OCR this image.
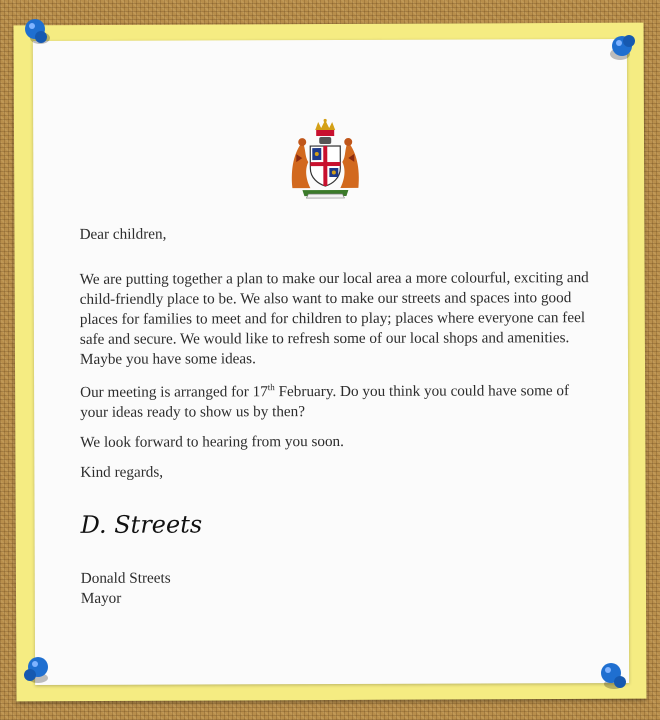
Dear children,

We are putting together a plan to make our local area a more colourful, exciting and child-friendly place to be. We also want to make our streets and spaces into good places for families to meet and for children to play; places where everyone can feel safe and secure. We would like to refresh some of our local shops and amenities. Maybe you have some ideas.

Our meeting is arranged for 17th February. Do you think you could have some of your ideas ready to show us by then?

We look forward to hearing from you soon.

Kind regards,

D. Streets
Donald Streets
Mayor
